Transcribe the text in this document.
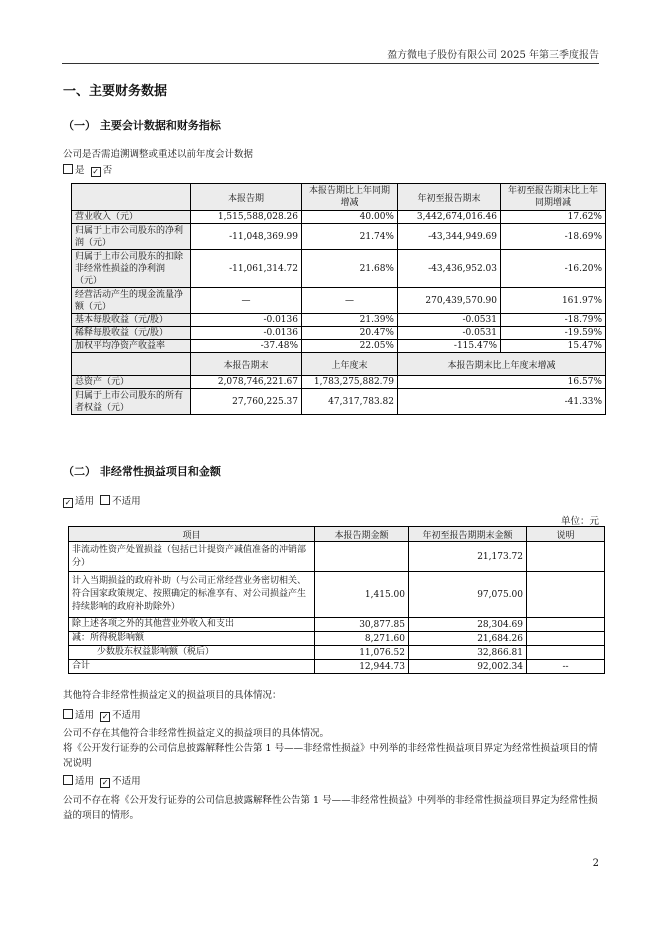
盈方微电子股份有限公司 2025 年第三季度报告
一、主要财务数据
（一） 主要会计数据和财务指标
公司是否需追溯调整或重述以前年度会计数据
是 ✓ 否
	本报告期	本报告期比上年同期增减	年初至报告期末	年初至报告期末比上年同期增减
营业收入（元）	1,515,588,028.26	40.00%	3,442,674,016.46	17.62%
归属于上市公司股东的净利润（元）	-11,048,369.99	21.74%	-43,344,949.69	-18.69%
归属于上市公司股东的扣除非经常性损益的净利润（元）	-11,061,314.72	21.68%	-43,436,952.03	-16.20%
经营活动产生的现金流量净额（元）	—	—	270,439,570.90	161.97%
基本每股收益（元/股）	-0.0136	21.39%	-0.0531	-18.79%
稀释每股收益（元/股）	-0.0136	20.47%	-0.0531	-19.59%
加权平均净资产收益率	-37.48%	22.05%	-115.47%	15.47%
	本报告期末	上年度末	本报告期末比上年度末增减	
总资产（元）	2,078,746,221.67	1,783,275,882.79	16.57%	
归属于上市公司股东的所有者权益（元）	27,760,225.37	47,317,783.82	-41.33%	
（二） 非经常性损益项目和金额
✓适用 不适用
单位：元
项目	本报告期金额	年初至报告期期末金额	说明
非流动性资产处置损益（包括已计提资产减值准备的冲销部分）		21,173.72	
计入当期损益的政府补助（与公司正常经营业务密切相关、符合国家政策规定、按照确定的标准享有、对公司损益产生持续影响的政府补助除外）	1,415.00	97,075.00	
除上述各项之外的其他营业外收入和支出	30,877.85	28,304.69	
减：所得税影响额	8,271.60	21,684.26	
少数股东权益影响额（税后）	11,076.52	32,866.81	
合计	12,944.73	92,002.34	--
其他符合非经常性损益定义的损益项目的具体情况：
适用 ✓ 不适用
公司不存在其他符合非经常性损益定义的损益项目的具体情况。
将《公开发行证券的公司信息披露解释性公告第 1 号——非经常性损益》中列举的非经常性损益项目界定为经常性损益项目的情况说明
适用 ✓ 不适用
公司不存在将《公开发行证券的公司信息披露解释性公告第 1 号——非经常性损益》中列举的非经常性损益项目界定为经常性损益的项目的情形。
2
